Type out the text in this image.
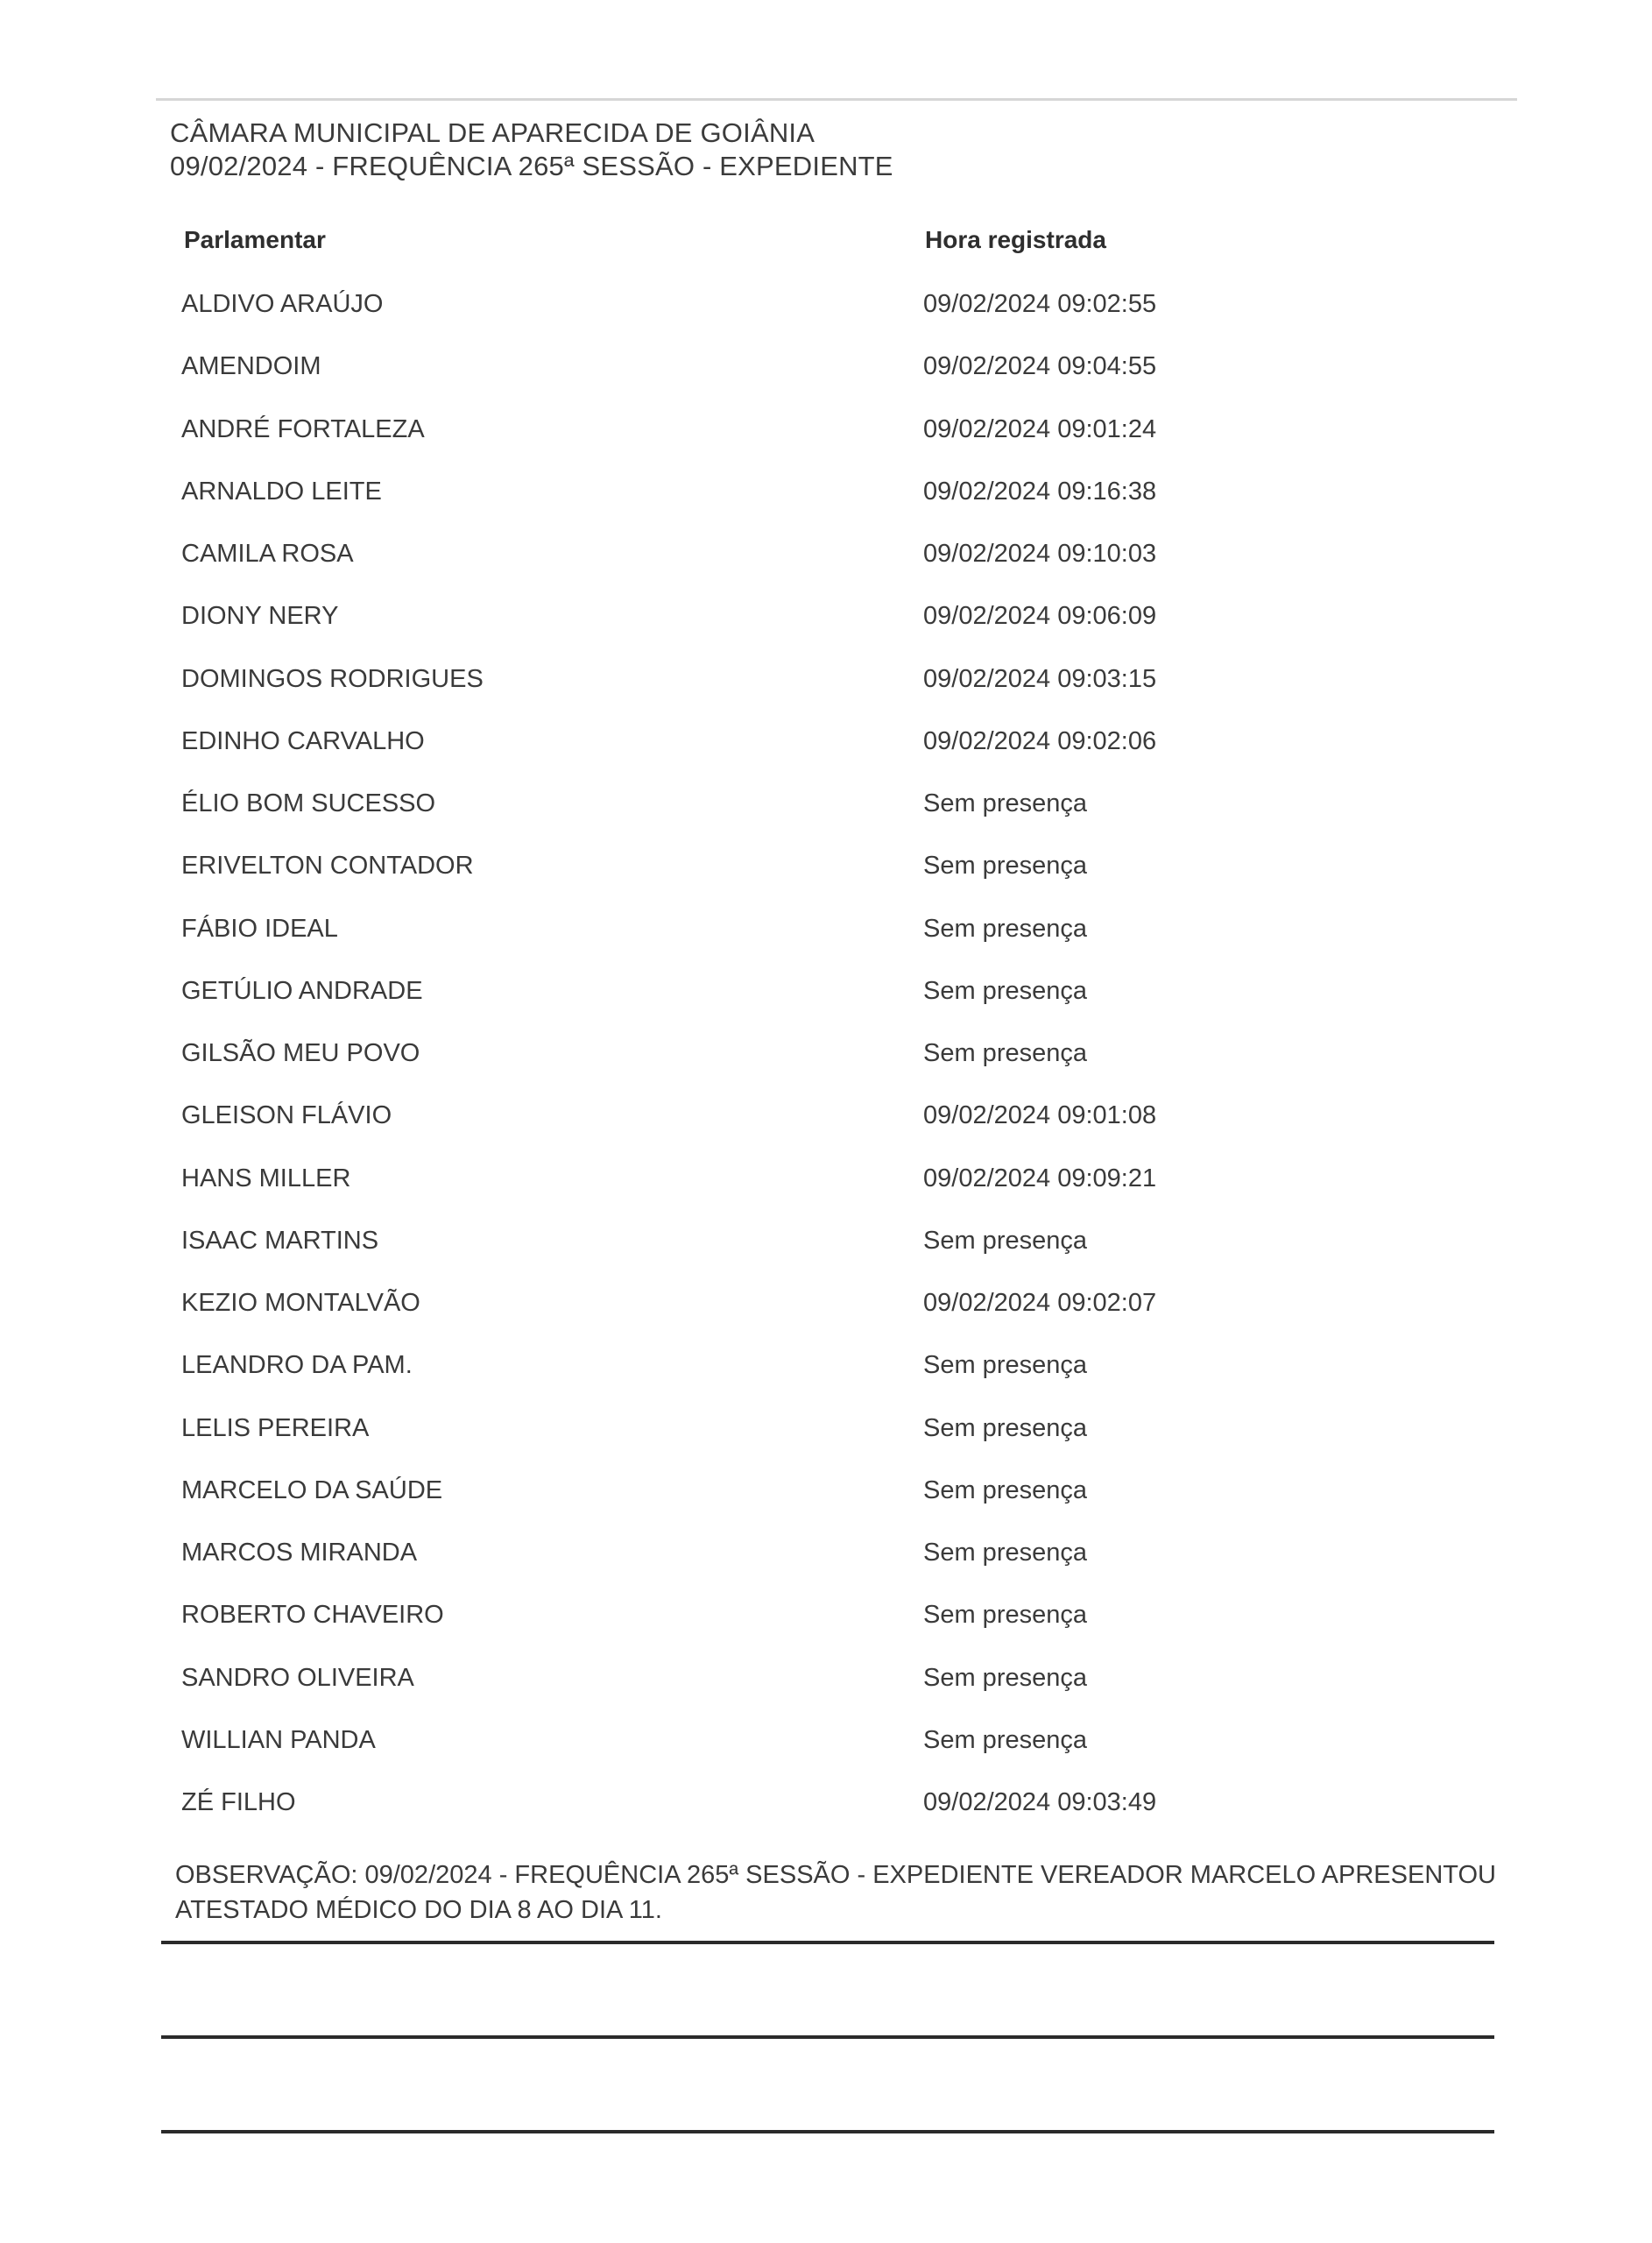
CÂMARA MUNICIPAL DE APARECIDA DE GOIÂNIA
09/02/2024 - FREQUÊNCIA 265ª SESSÃO - EXPEDIENTE
Parlamentar	Hora registrada
ALDIVO ARAÚJO	09/02/2024 09:02:55
AMENDOIM	09/02/2024 09:04:55
ANDRÉ FORTALEZA	09/02/2024 09:01:24
ARNALDO LEITE	09/02/2024 09:16:38
CAMILA ROSA	09/02/2024 09:10:03
DIONY NERY	09/02/2024 09:06:09
DOMINGOS RODRIGUES	09/02/2024 09:03:15
EDINHO CARVALHO	09/02/2024 09:02:06
ÉLIO BOM SUCESSO	Sem presença
ERIVELTON CONTADOR	Sem presença
FÁBIO IDEAL	Sem presença
GETÚLIO ANDRADE	Sem presença
GILSÃO MEU POVO	Sem presença
GLEISON FLÁVIO	09/02/2024 09:01:08
HANS MILLER	09/02/2024 09:09:21
ISAAC MARTINS	Sem presença
KEZIO MONTALVÃO	09/02/2024 09:02:07
LEANDRO DA PAM.	Sem presença
LELIS PEREIRA	Sem presença
MARCELO DA SAÚDE	Sem presença
MARCOS MIRANDA	Sem presença
ROBERTO CHAVEIRO	Sem presença
SANDRO OLIVEIRA	Sem presença
WILLIAN PANDA	Sem presença
ZÉ FILHO	09/02/2024 09:03:49
OBSERVAÇÃO: 09/02/2024 - FREQUÊNCIA 265ª SESSÃO - EXPEDIENTE VEREADOR MARCELO APRESENTOU ATESTADO MÉDICO DO DIA 8 AO DIA 11.
